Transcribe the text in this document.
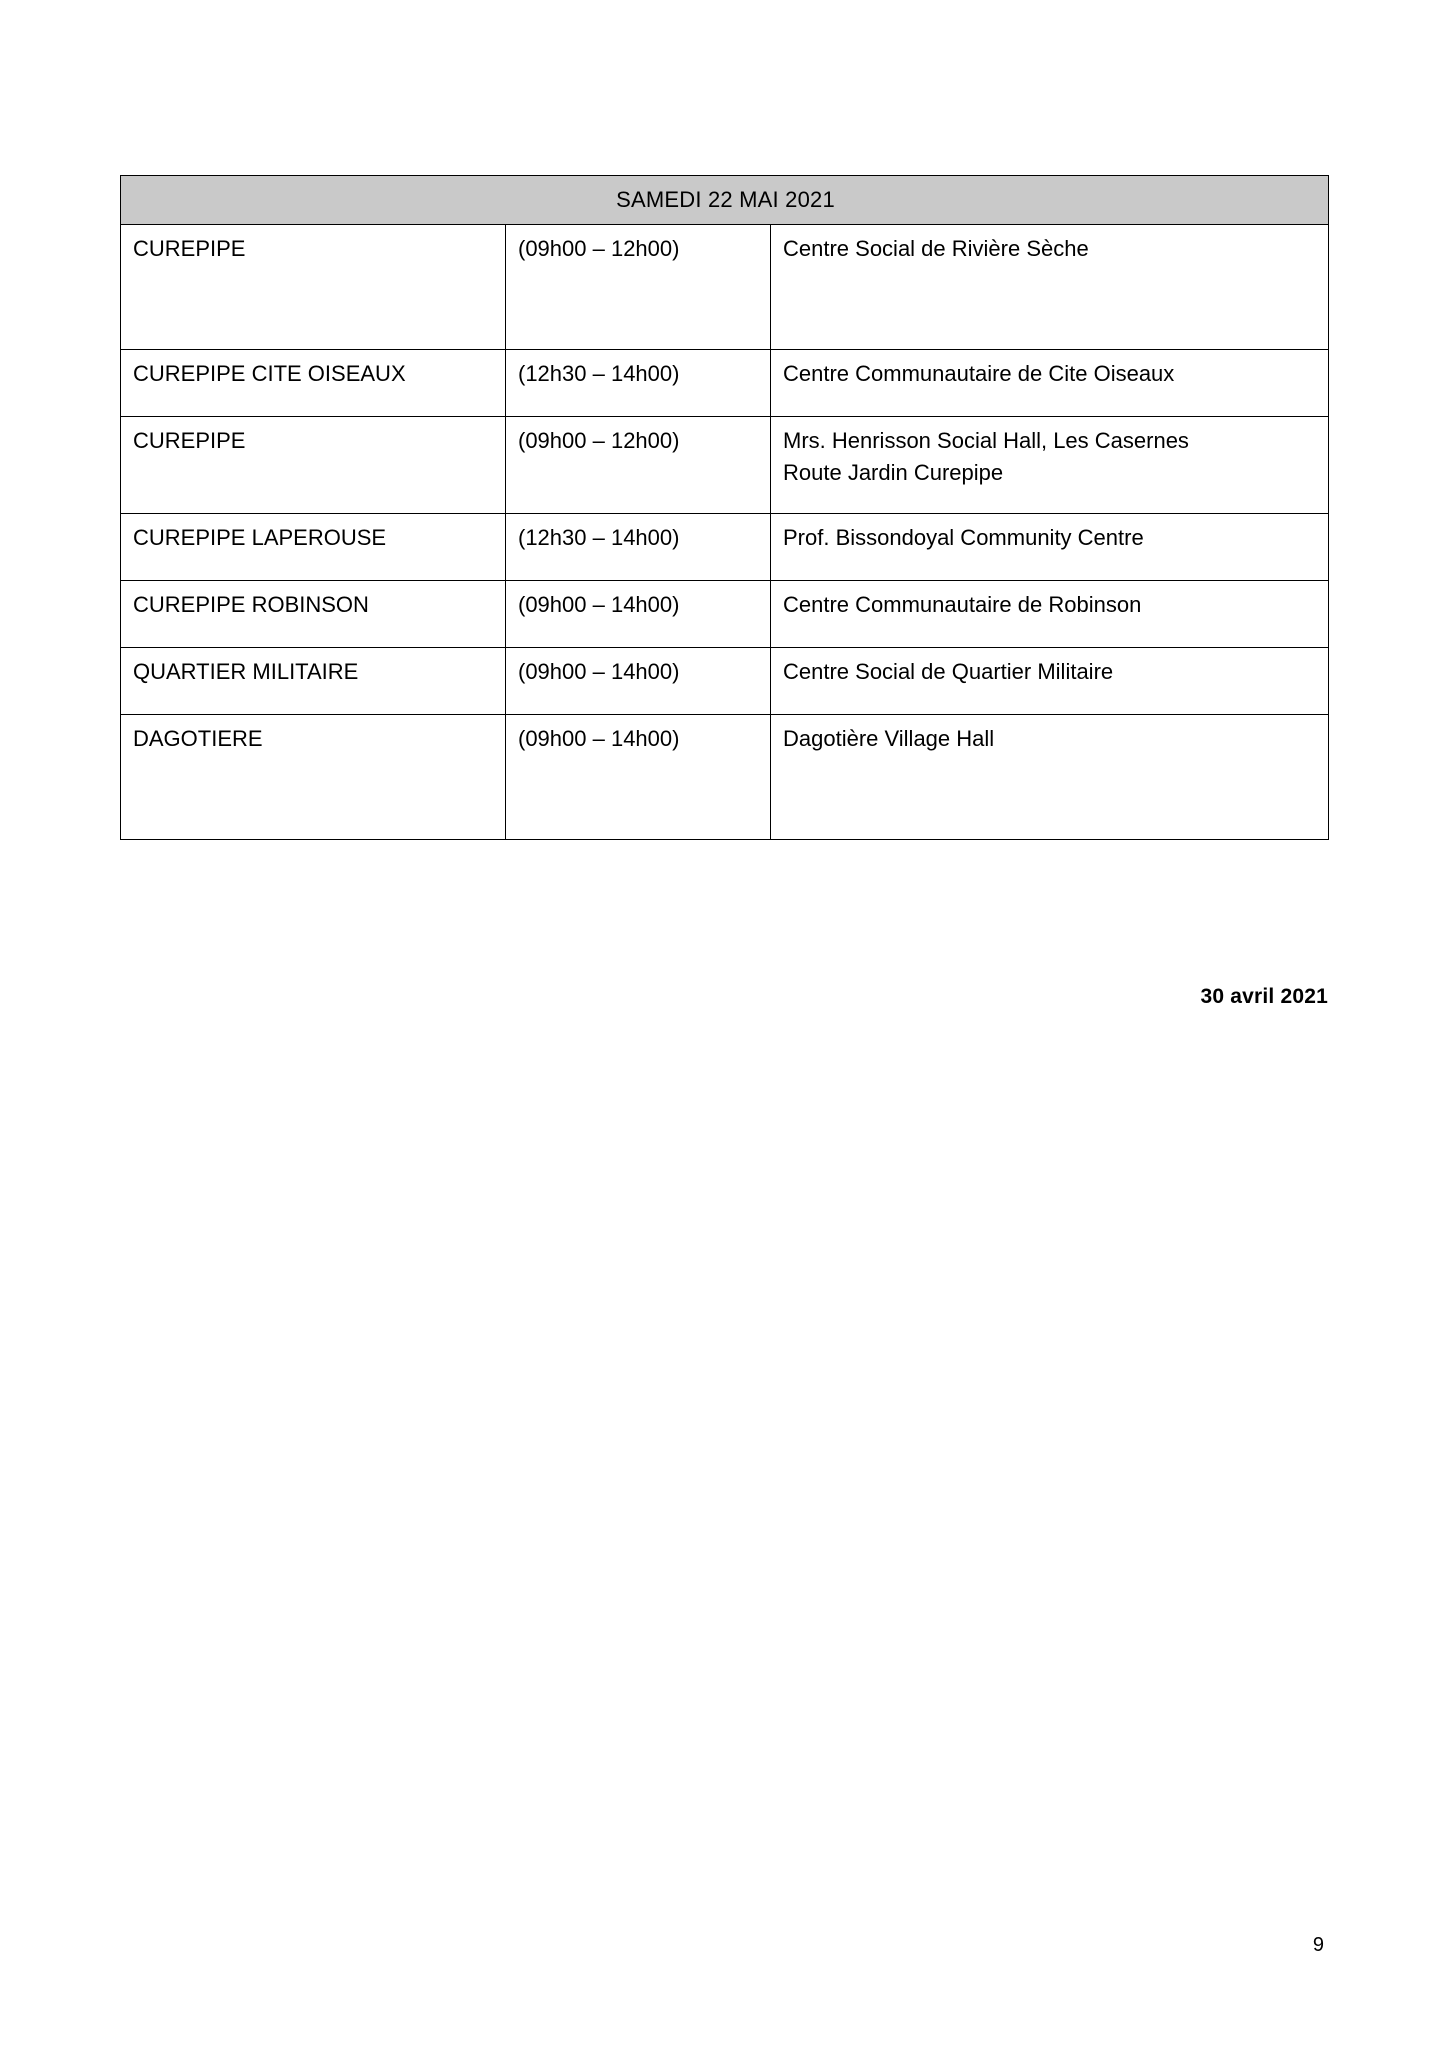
SAMEDI 22 MAI 2021		
CUREPIPE	(09h00 – 12h00)	Centre Social de Rivière Sèche
CUREPIPE CITE OISEAUX	(12h30 – 14h00)	Centre Communautaire de Cite Oiseaux
CUREPIPE	(09h00 – 12h00)	Mrs. Henrisson Social Hall, Les Casernes
Route Jardin Curepipe

CUREPIPE LAPEROUSE	(12h30 – 14h00)	Prof. Bissondoyal Community Centre
CUREPIPE ROBINSON	(09h00 – 14h00)	Centre Communautaire de Robinson
QUARTIER MILITAIRE	(09h00 – 14h00)	Centre Social de Quartier Militaire
DAGOTIERE	(09h00 – 14h00)	Dagotière Village Hall
30 avril 2021
9
